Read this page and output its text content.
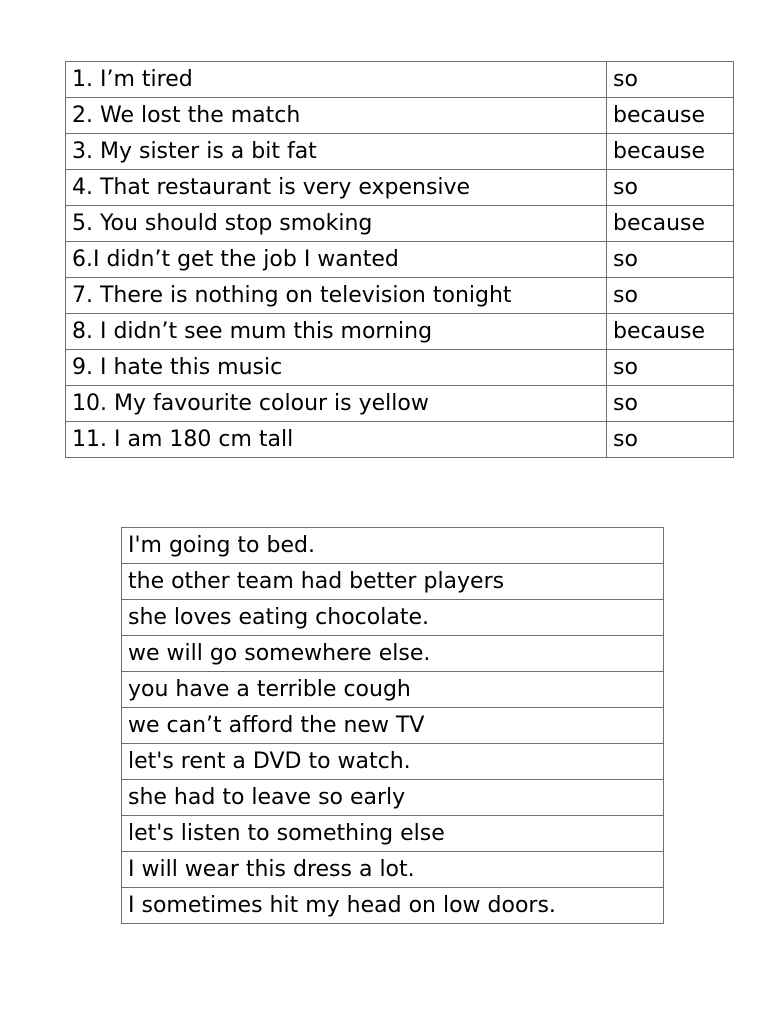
1. I’m tired	so
2. We lost the match	because
3. My sister is a bit fat	because
4. That restaurant is very expensive	so
5. You should stop smoking	because
6.I didn’t get the job I wanted	so
7. There is nothing on television tonight	so
8. I didn’t see mum this morning	because
9. I hate this music	so
10. My favourite colour is yellow	so
11. I am 180 cm tall	so
I'm going to bed.
the other team had better players
she loves eating chocolate.
we will go somewhere else.
you have a terrible cough
we can’t afford the new TV
let's rent a DVD to watch.
she had to leave so early
let's listen to something else
I will wear this dress a lot.
I sometimes hit my head on low doors.
